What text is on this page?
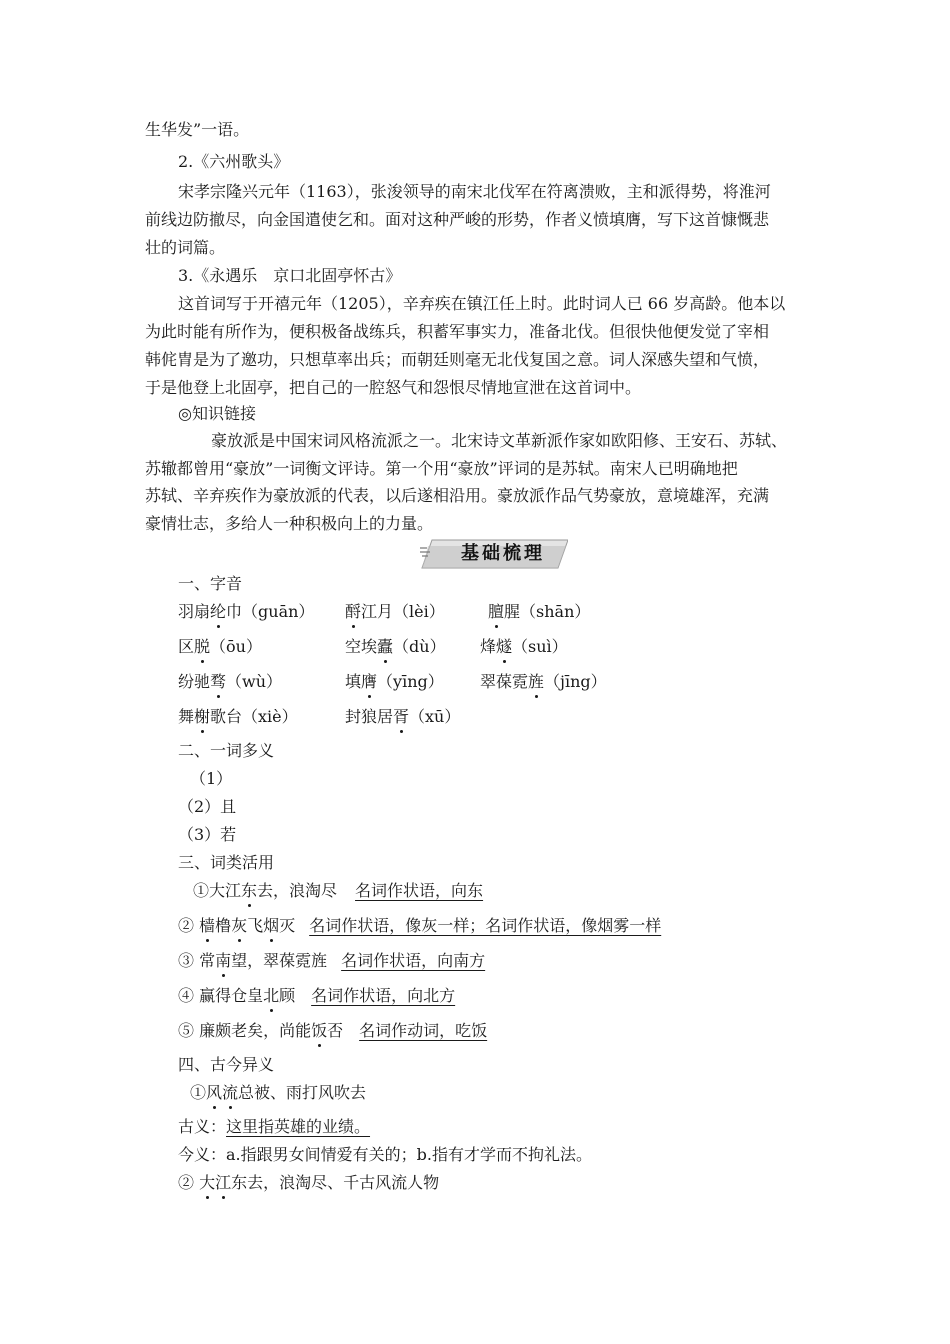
生华发”一语。
2.《六州歌头》
宋孝宗隆兴元年（1163），张浚领导的南宋北伐军在符离溃败，主和派得势，将淮河
前线边防撤尽，向金国遣使乞和。面对这种严峻的形势，作者义愤填膺，写下这首慷慨悲
壮的词篇。
3.《永遇乐　京口北固亭怀古》
这首词写于开禧元年（1205），辛弃疾在镇江任上时。此时词人已 66 岁高龄。他本以
为此时能有所作为，便积极备战练兵，积蓄军事实力，准备北伐。但很快他便发觉了宰相
韩侂胄是为了邀功，只想草率出兵；而朝廷则毫无北伐复国之意。词人深感失望和气愤，
于是他登上北固亭，把自己的一腔怒气和怨恨尽情地宣泄在这首词中。
◎知识链接
豪放派是中国宋词风格流派之一。北宋诗文革新派作家如欧阳修、王安石、苏轼、
苏辙都曾用“豪放”一词衡文评诗。第一个用“豪放”评词的是苏轼。南宋人已明确地把
苏轼、辛弃疾作为豪放派的代表，以后遂相沿用。豪放派作品气势豪放，意境雄浑，充满
豪情壮志，多给人一种积极向上的力量。
基础梳理
一、字音
羽扇纶巾（guān） 酹江月（lèi）	膻腥（shān）
区脱（ōu）	空埃蠹（dù） 烽燧（suì）
纷驰骛（wù）	填膺（yīng） 翠葆霓旌（jīng）
舞榭歌台（xiè）	封狼居胥（xū）
二、一词多义
（1）
（2）且
（3）若
三、词类活用
①大江东去，浪淘尽 名词作状语，向东
② 樯橹灰飞烟灭 名词作状语，像灰一样；名词作状语，像烟雾一样
③ 常南望，翠葆霓旌 名词作状语，向南方
④ 赢得仓皇北顾 名词作状语，向北方
⑤ 廉颇老矣，尚能饭否 名词作动词，吃饭
四、古今异义
①风流总被、雨打风吹去
古义：这里指英雄的业绩。
今义：a.指跟男女间情爱有关的；b.指有才学而不拘礼法。
② 大江东去，浪淘尽、千古风流人物
